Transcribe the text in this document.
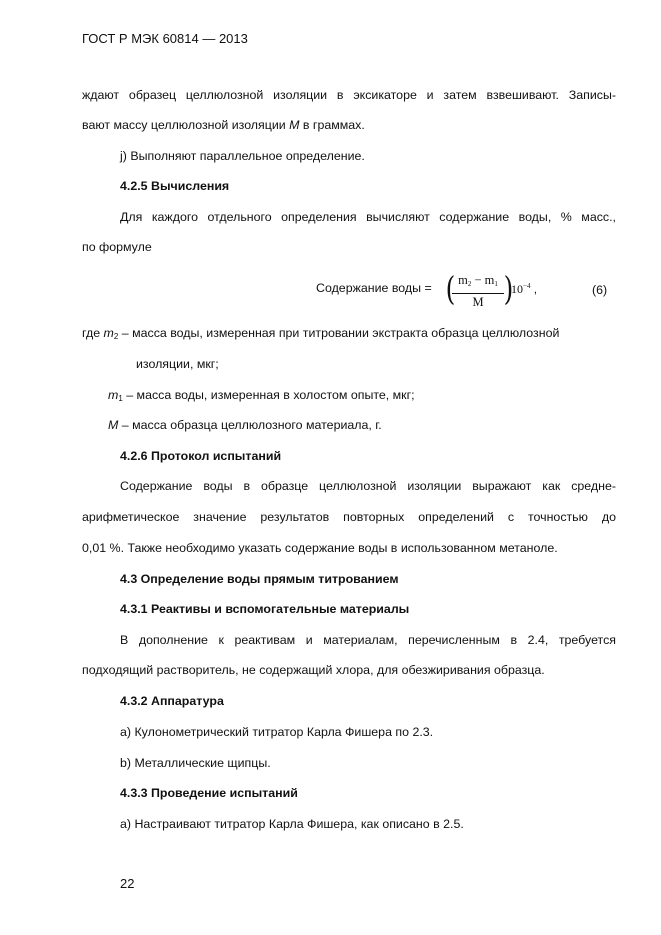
ГОСТ Р МЭК 60814 — 2013
ждают образец целлюлозной изоляции в эксикаторе и затем взвешивают. Записы-
вают массу целлюлозной изоляции M в граммах.
j) Выполняют параллельное определение.
4.2.5 Вычисления
Для каждого отдельного определения вычисляют содержание воды, % масс.,
по формуле
Содержание воды = (
$\frac{m2 - m1}{M}$ )
$10^{-4}$ ,	(6)
где $m_2$ – масса воды, измеренная при титровании экстракта образца целлюлозной
изоляции, мкг;
$m_1$ – масса воды, измеренная в холостом опыте, мкг;
M – масса образца целлюлозного материала, г.
4.2.6 Протокол испытаний
Содержание воды в образце целлюлозной изоляции выражают как средне-
арифметическое значение результатов повторных определений с точностью до
0,01 %. Также необходимо указать содержание воды в использованном метаноле.
4.3 Определение воды прямым титрованием
4.3.1 Реактивы и вспомогательные материалы
В дополнение к реактивам и материалам, перечисленным в 2.4, требуется
подходящий растворитель, не содержащий хлора, для обезжиривания образца.
4.3.2 Аппаратура
a) Кулонометрический титратор Карла Фишера по 2.3.
b) Металлические щипцы.
4.3.3 Проведение испытаний
a) Настраивают титратор Карла Фишера, как описано в 2.5.
22
